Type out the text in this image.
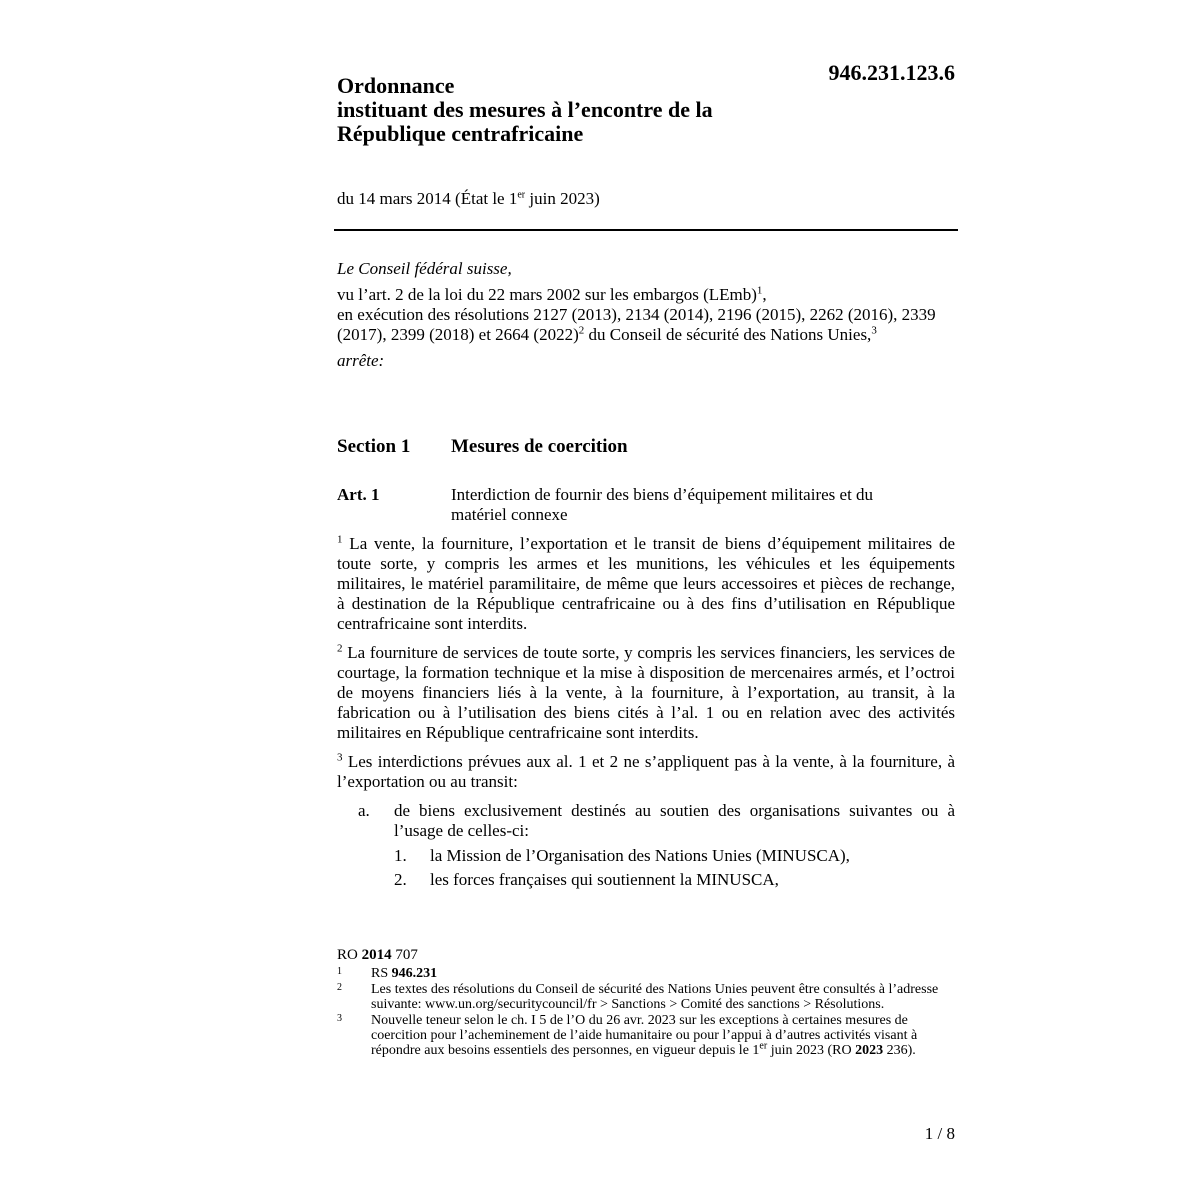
946.231.123.6
Ordonnance
instituant des mesures à l’encontre de la
République centrafricaine
du 14 mars 2014 (État le 1er juin 2023)
Le Conseil fédéral suisse,
vu l’art. 2 de la loi du 22 mars 2002 sur les embargos (LEmb)$^1$,
en exécution des résolutions 2127 (2013), 2134 (2014), 2196 (2015), 2262 (2016), 2339 (2017), 2399 (2018) et 2664 (2022)$^2$ du Conseil de sécurité des Nations Unies,$^3$
arrête:
Section 1 Mesures de coercition
Art. 1	Interdiction de fournir des biens d’équipement militaires et du matériel connexe

$^1$ La vente, la fourniture, l’exportation et le transit de biens d’équipement militaires de toute sorte, y compris les armes et les munitions, les véhicules et les équipements militaires, le matériel paramilitaire, de même que leurs accessoires et pièces de rechange, à destination de la République centrafricaine ou à des fins d’utilisation en République centrafricaine sont interdits.

$^2$ La fourniture de services de toute sorte, y compris les services financiers, les services de courtage, la formation technique et la mise à disposition de mercenaires armés, et l’octroi de moyens financiers liés à la vente, à la fourniture, à l’exportation, au transit, à la fabrication ou à l’utilisation des biens cités à l’al. 1 ou en relation avec des activités militaires en République centrafricaine sont interdits.

$^3$ Les interdictions prévues aux al. 1 et 2 ne s’appliquent pas à la vente, à la fourniture, à l’exportation ou au transit:

a. de biens exclusivement destinés au soutien des organisations suivantes ou à l’usage de celles-ci:
1. la Mission de l’Organisation des Nations Unies (MINUSCA),
2. les forces françaises qui soutiennent la MINUSCA,
RO 2014 707
1 RS 946.231
2 Les textes des résolutions du Conseil de sécurité des Nations Unies peuvent être consultés à l’adresse suivante: www.un.org/securitycouncil/fr > Sanctions > Comité des sanctions > Résolutions.
3 Nouvelle teneur selon le ch. I 5 de l’O du 26 avr. 2023 sur les exceptions à certaines mesures de coercition pour l’acheminement de l’aide humanitaire ou pour l’appui à d’autres activités visant à répondre aux besoins essentiels des personnes, en vigueur depuis le 1er juin 2023 (RO 2023 236).
1 / 8
